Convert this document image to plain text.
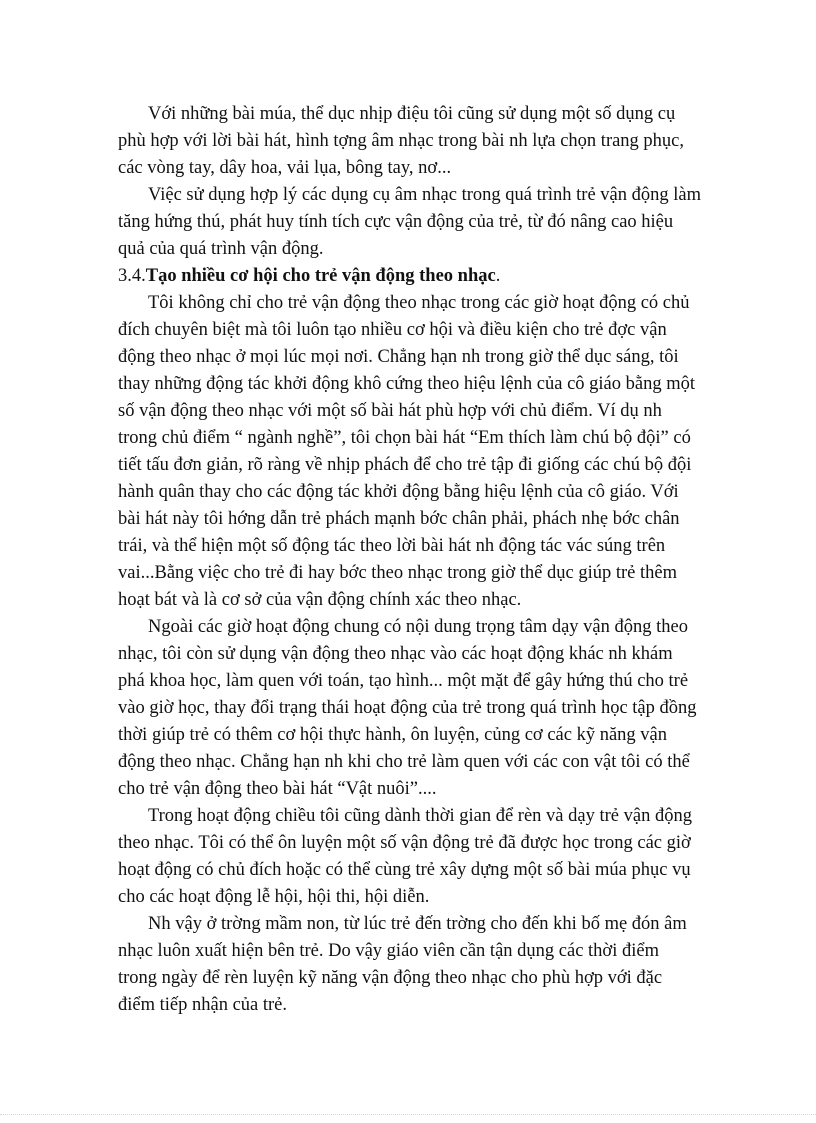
Với những bài múa, thể dục nhịp điệu tôi cũng sử dụng một số dụng cụ phù hợp với lời bài hát, hình tợng âm nhạc trong bài nh lựa chọn trang phục, các vòng tay, dây hoa, vải lụa, bông tay, nơ...

Việc sử dụng hợp lý các dụng cụ âm nhạc trong quá trình trẻ vận động làm tăng hứng thú, phát huy tính tích cực vận động của trẻ, từ đó nâng cao hiệu quả của quá trình vận động.

3.4.Tạo nhiều cơ hội cho trẻ vận động theo nhạc.

Tôi không chỉ cho trẻ vận động theo nhạc trong các giờ hoạt động có chủ đích chuyên biệt mà tôi luôn tạo nhiều cơ hội và điều kiện cho trẻ đợc vận động theo nhạc ở mọi lúc mọi nơi. Chẳng hạn nh trong giờ thể dục sáng, tôi thay những động tác khởi động khô cứng theo hiệu lệnh của cô giáo bằng một số vận động theo nhạc với một số bài hát phù hợp với chủ điểm. Ví dụ nh trong chủ điểm “ ngành nghề”, tôi chọn bài hát “Em thích làm chú bộ đội” có tiết tấu đơn giản, rõ ràng về nhịp phách để cho trẻ tập đi giống các chú bộ đội hành quân thay cho các động tác khởi động bằng hiệu lệnh của cô giáo. Với bài hát này tôi hớng dẫn trẻ phách mạnh bớc chân phải, phách nhẹ bớc chân trái, và thể hiện một số động tác theo lời bài hát nh động tác vác súng trên vai...Bằng việc cho trẻ đi hay bớc theo nhạc trong giờ thể dục giúp trẻ thêm hoạt bát và là cơ sở của vận động chính xác theo nhạc.

Ngoài các giờ hoạt động chung có nội dung trọng tâm dạy vận động theo nhạc, tôi còn sử dụng vận động theo nhạc vào các hoạt động khác nh khám phá khoa học, làm quen với toán, tạo hình... một mặt để gây hứng thú cho trẻ vào giờ học, thay đổi trạng thái hoạt động của trẻ trong quá trình học tập đồng thời giúp trẻ có thêm cơ hội thực hành, ôn luyện, củng cơ các kỹ năng vận động theo nhạc. Chẳng hạn nh khi cho trẻ làm quen với các con vật tôi có thể cho trẻ vận động theo bài hát “Vật nuôi”....

Trong hoạt động chiều tôi cũng dành thời gian để rèn và dạy trẻ vận động theo nhạc. Tôi có thể ôn luyện một số vận động trẻ đã được học trong các giờ hoạt động có chủ đích hoặc có thể cùng trẻ xây dựng một số bài múa phục vụ cho các hoạt động lễ hội, hội thi, hội diễn.

Nh vậy ở trờng mầm non, từ lúc trẻ đến trờng cho đến khi bố mẹ đón âm nhạc luôn xuất hiện bên trẻ. Do vậy giáo viên cần tận dụng các thời điểm trong ngày để rèn luyện kỹ năng vận động theo nhạc cho phù hợp với đặc điểm tiếp nhận của trẻ.
